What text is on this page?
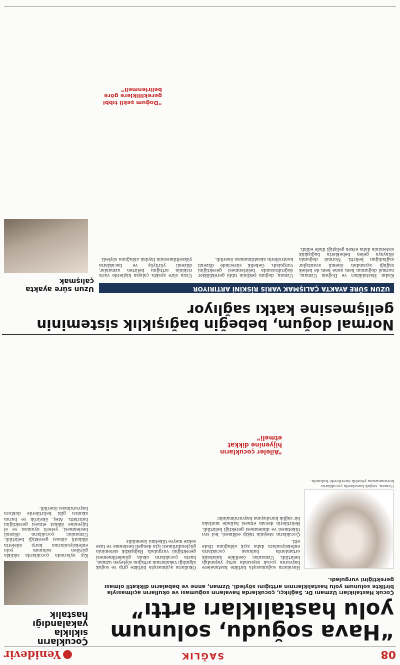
08
SAĞLIK
Yenidevir
“Hava soğudu, solunum yolu hastalıkları arttı”
Çocuk Hastalıkları Uzmanı Dr. Sağlıkçı, çocuklarda havaların soğuması ve okulların açılmasıyla birlikte solunum yolu hastalıklarının arttığını söyledi. Uzman, anne ve babaların dikkatli olması gerektiğini vurguladı.
Çocukların sıklıkla yakalandığı hastalık
Kış aylarında çocuklarda sıklıkla görülen solunum yolu enfeksiyonlarına karşı ailelerin dikkatli olması gerektiği belirtildi. Uzmanlar, çocukların düzenli beslenmesi, yeterli uyuması ve el hijyenine dikkat etmesi gerektiğini hatırlattı. Ateş, öksürük ve burun akıntısı gibi belirtilerde doktora başvurulması önerildi.
Uzman, soğuk havalarda çocukların korunmasına yönelik önerilerde bulundu.

Havaların soğumasıyla birlikte hastanelere başvuran çocuk sayısında artış yaşandığı belirtildi. Uzmanlar, özellikle kalabalık ortamlarda bulunan çocukların enfeksiyonlara daha açık olduğunu ifade etti.

Çocukların ateşinin takip edilmesi, bol sıvı tüketmesi ve dinlenmesi gerektiği belirtildi. Belirtilerin devam etmesi halinde mutlaka bir sağlık kuruluşuna başvurulmalıdır.

“Aileler çocukların hijyenine dikkat etmeli”

Okulların açılmasıyla birlikte grip ve soğuk algınlığı vakalarının arttığını söyleyen uzman, hasta çocukların okula gönderilmemesi gerektiğini vurguladı. Bağışıklık sisteminin güçlendirilmesi için dengeli beslenme ve taze sebze meyve tüketimi önemlidir.

Normal doğum, bebeğin bağışıklık sisteminin gelişmesine katkı sağlıyor
UZUN SÜRE AYAKTA ÇALIŞMAK VARİS RİSKİNİ ARTIRIYOR
Uzun süre ayakta çalışmak

Kadın Hastalıkları ve Doğum Uzmanı, normal doğumun hem anne hem de bebek sağlığı açısından önemli avantajlar sağladığını belirtti. Normal doğumla dünyaya gelen bebeklerin bağışıklık sisteminin daha erken geliştiği ifade edildi.

Uzman, doğum şeklinin tıbbi gereklilikler doğrultusunda belirlenmesi gerektiğini vurguladı. Gebelik sürecinde düzenli kontrollerin aksatılmaması önerildi.

Uzun süre ayakta çalışan kişilerde varis riskinin arttığını belirten uzmanlar, düzenli yürüyüş ve bacakların yükseltilmesinin faydalı olduğunu söyledi.

“Doğum şekli tıbbi gerekliliklere göre belirlenmeli”
